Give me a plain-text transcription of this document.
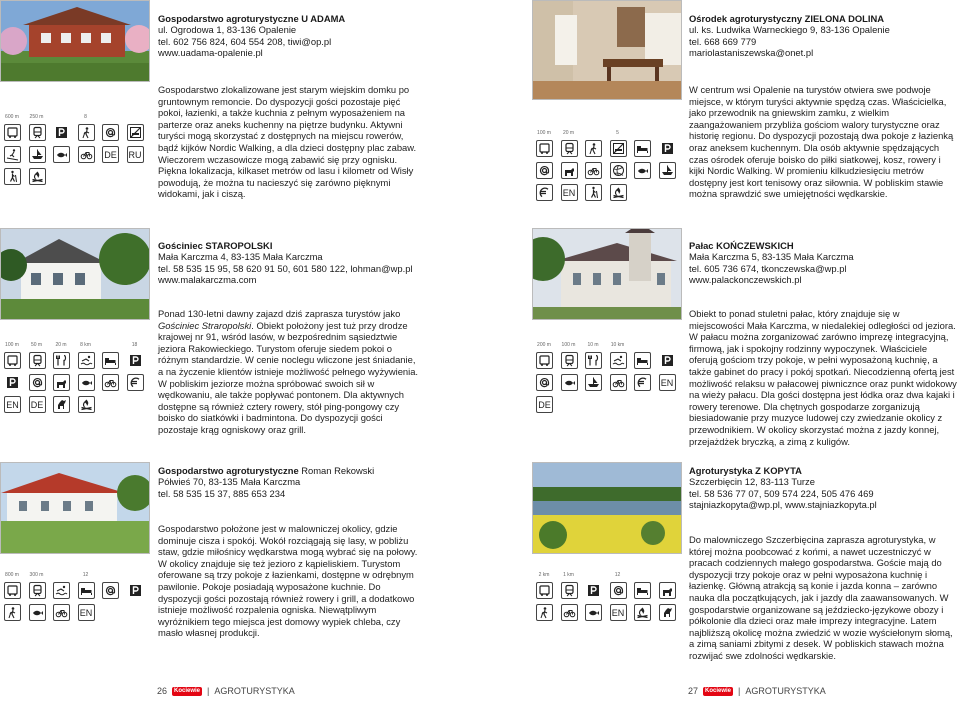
Gospodarstwo agroturystyczne U ADAMA
ul. Ogrodowa 1, 83-136 Opalenie
tel. 602 756 824, 604 554 208, tiwi@op.pl
www.uadama-opalenie.pl
Gospodarstwo zlokalizowane jest starym wiejskim domku po gruntownym remoncie. Do dyspozycji gości pozostaje pięć pokoi, łazienki, a także kuchnia z pełnym wyposażeniem na parterze oraz aneks kuchenny na piętrze budynku. Aktywni turyści mogą skorzystać z dostępnych na miejscu rowerów, bądź kijków Nordic Walking, a dla dzieci dostępny plac zabaw. Wieczorem wczasowicze mogą zabawić się przy ognisku. Piękna lokalizacja, kilkaset metrów od lasu i kilometr od Wisły powodują, że można tu nacieszyć się zarówno pięknymi widokami, jak i ciszą.
600 m	250 m	8
DE RU
Ośrodek agroturystyczny ZIELONA DOLINA
ul. ks. Ludwika Warneckiego 9, 83-136 Opalenie
tel. 668 669 779
mariolastaniszewska@onet.pl
W centrum wsi Opalenie na turystów otwiera swe podwoje miejsce, w którym turyści aktywnie spędzą czas. Właścicielka, jako przewodnik na gniewskim zamku, z wielkim zaangażowaniem przybliża gościom walory turystyczne oraz historię regionu. Do dyspozycji pozostają dwa pokoje z łazienką oraz aneksem kuchennym. Dla osób aktywnie spędzających czas ośrodek oferuje boisko do piłki siatkowej, kosz, rowery i kijki Nordic Walking. W promieniu kilkudziesięciu metrów dostępny jest kort tenisowy oraz siłownia. W pobliskim stawie można sprawdzić swe umiejętności wędkarskie.
100 m	20 m	5
EN
Gościniec STAROPOLSKI
Mała Karczma 4, 83-135 Mała Karczma
tel. 58 535 15 95, 58 620 91 50, 601 580 122, lohman@wp.pl
www.malakarczma.com
Ponad 130-letni dawny zajazd dziś zaprasza turystów jako Gościniec Straropolski. Obiekt położony jest tuż przy drodze krajowej nr 91, wśród lasów, w bezpośrednim sąsiedztwie jeziora Rakowieckiego. Turystom oferuje siedem pokoi o różnym standardzie. W cenie noclegu wliczone jest śniadanie, a na życzenie klientów istnieje możliwość pełnego wyżywienia. W pobliskim jeziorze można spróbować swoich sił w wędkowaniu, ale także popływać pontonem. Dla aktywnych dostępne są również cztery rowery, stół ping-pongowy czy boisko do siatkówki i badmintona. Do dyspozycji gości pozostaje krąg ogniskowy oraz grill.
100 m	50 m	20 m	8 km	18
EN DE
Pałac KOŃCZEWSKICH
Mała Karczma 5, 83-135 Mała Karczma
tel. 605 736 674, tkonczewska@wp.pl
www.palackonczewskich.pl
Obiekt to ponad stuletni pałac, który znajduje się w miejscowości Mała Karczma, w niedalekiej odległości od jeziora. W pałacu można zorganizować zarówno imprezę integracyjną, firmową, jak i spokojny rodzinny wypoczynek. Właściciele oferują gościom trzy pokoje, w pełni wyposażoną kuchnię, a także gabinet do pracy i pokój spotkań. Niecodzienną ofertą jest możliwość relaksu w pałacowej piwnicznce oraz punkt widokowy na wieży pałacu. Dla gości dostępna jest łódka oraz dwa kajaki i rowery terenowe. Dla chętnych gospodarze zorganizują biesiadowanie przy muzyce ludowej czy zwiedzanie okolicy z przewodnikiem. W okolicy skorzystać można z jazdy konnej, przejażdżek bryczką, a zimą z kuligów.
200 m	100 m	10 m	10 km
EN
DE
Gospodarstwo agroturystyczne Roman Rekowski
Półwieś 70, 83-135 Mała Karczma
tel. 58 535 15 37, 885 653 234
Gospodarstwo położone jest w malowniczej okolicy, gdzie dominuje cisza i spokój. Wokół rozciągają się lasy, w pobliżu staw, gdzie miłośnicy wędkarstwa mogą wybrać się na połowy. W okolicy znajduje się też jezioro z kąpieliskiem. Turystom oferowane są trzy pokoje z łazienkami, dostępne w odrębnym pawilonie. Pokoje posiadają wyposażone kuchnie. Do dyspozycji gości pozostają również rowery i grill, a dodatkowo istnieje możliwość rozpalenia ogniska. Niewątpliwym wyróżnikiem tego miejsca jest domowy wypiek chleba, czy masło własnej produkcji.
800 m	300 m	12
EN
Agroturystyka Z KOPYTA
Szczerbięcin 12, 83-113 Turze
tel. 58 536 77 07, 509 574 224, 505 476 469
stajniazkopyta@wp.pl, www.stajniazkopyta.pl
Do malowniczego Szczerbięcina zaprasza agroturystyka, w której można poobcować z końmi, a nawet uczestniczyć w pracach codziennych małego gospodarstwa. Goście mają do dyspozycji trzy pokoje oraz w pełni wyposażona kuchnię i łazienkę. Główną atrakcją są konie i jazda konna – zarówno nauka dla początkujących, jak i jazdy dla zaawansowanych. W gospodarstwie organizowane są jeździecko-językowe obozy i półkolonie dla dzieci oraz małe imprezy integracyjne. Latem najbliższą okolicę można zwiedzić w wozie wyściełonym słomą, a zimą saniami zbitymi z desek. W pobliskich stawach można rozwijać swe zdolności wędkarskie.
2 km	1 km	12
EN
26	Kociewie | AGROTURYSTYKA	27	Kociewie | AGROTURYSTYKA
